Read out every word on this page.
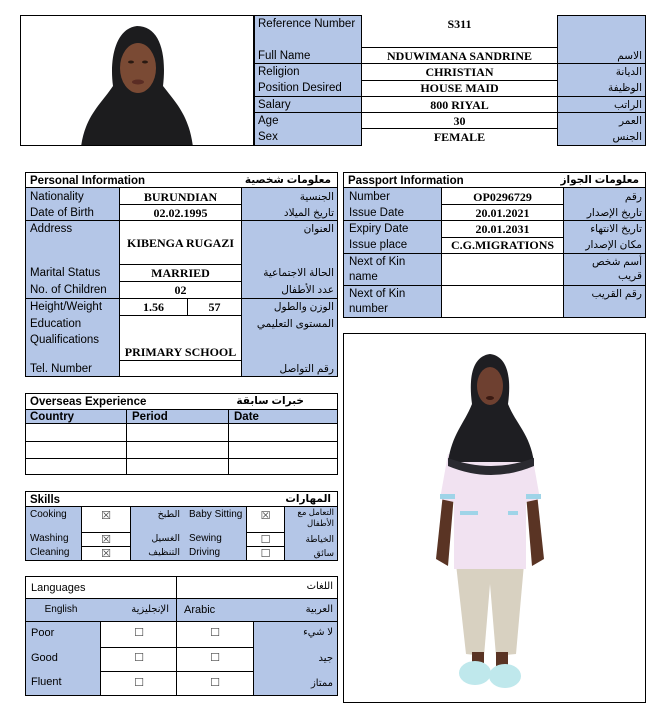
Reference Number	S311
Full Name	NDUWIMANA SANDRINE	الاسم
Religion	CHRISTIAN	الديانة
Position Desired	HOUSE MAID	الوظيفة
Salary	800 RIYAL	الراتب
Age	30	العمر
Sex	FEMALE	الجنس
Personal Information	معلومات شخصية
Nationality	BURUNDIAN	الجنسية
Date of Birth	02.02.1995	تاريخ الميلاد
Address
KIBENGA RUGAZI
العنوان
Marital Status	MARRIED	الحالة الاجتماعية
No. of Children	02	عدد الأطفال
Height/Weight	1.56	57	الوزن والطول
Education
Qualifications
PRIMARY SCHOOL
المستوى التعليمي
Tel. Number	رقم التواصل
Passport Information	معلومات الجواز
Number	OP0296729	رقم
Issue Date	20.01.2021	تاريخ الإصدار
Expiry Date	20.01.2031	تاريخ الانتهاء
Issue place	C.G.MIGRATIONS	مكان الإصدار
Next of Kin
name
أسم شخص
قريب
Next of Kin
number
رقم القريب
Overseas Experience	خبرات سابقة
Country	Period	Date
Skills	المهارات
Cooking	☒	الطبخ Baby Sitting	☒	التعامل مع
الأطفال
Washing	☒	الغسيل Sewing	☐	الخياطة
Cleaning	☒	التنظيف Driving	☐	سائق
Languages	اللغات
English	الإنجليزية Arabic	العربية
Poor	☐	☐	لا شيء
Good	☐	☐	جيد
Fluent	☐	☐	ممتاز
